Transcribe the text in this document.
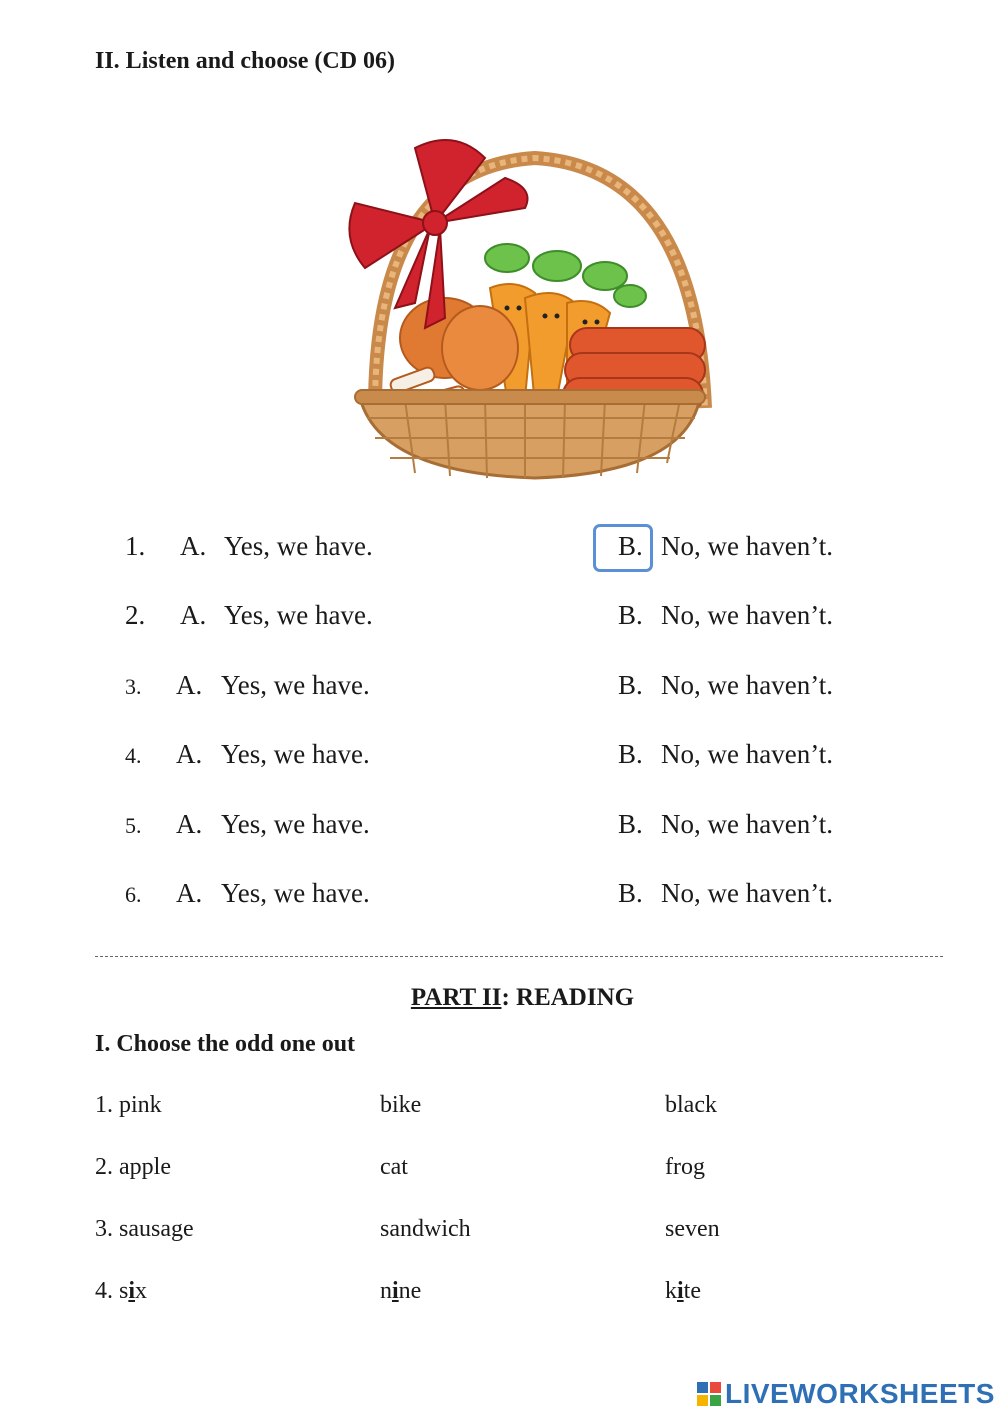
II. Listen and choose (CD 06)
1. A. Yes, we have.	B. No, we haven’t.
2. A. Yes, we have.	B. No, we haven’t.
3. A. Yes, we have.	B. No, we haven’t.
4. A. Yes, we have.	B. No, we haven’t.
5. A. Yes, we have.	B. No, we haven’t.
6. A. Yes, we have.	B. No, we haven’t.
PART II: READING
I. Choose the odd one out
1. pink	bike	black
2. apple	cat	frog
3. sausage	sandwich	seven
4. six	nine	kite
LIVEWORKSHEETS
